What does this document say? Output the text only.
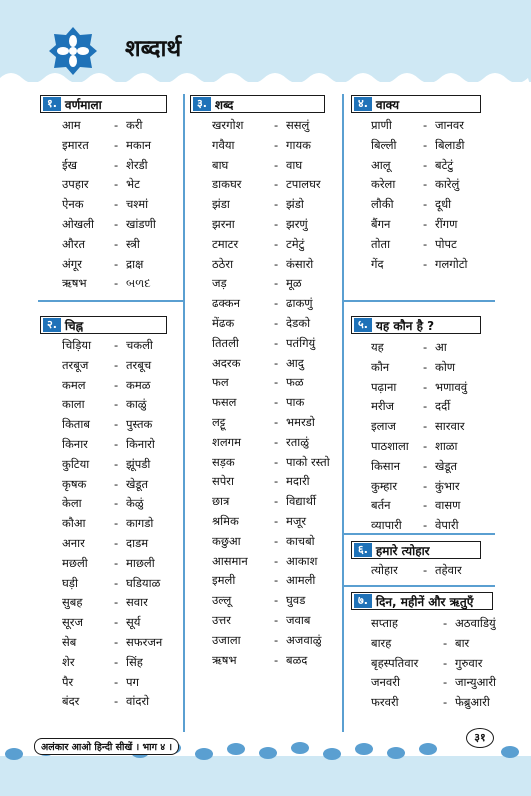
शब्दार्थ
१. वर्णमाला
आम	- करी
इमारत - मकान
ईख	- शेरडी
उपहार - भेट
ऐनक	- चश्मां
ओखली - खांडणी
औरत	- स्त्री
अंगूर	- द्राक्ष
ऋषभ - બળદ
२. चिह्न
चिड़िया - चकली
तरबूज - तरबूच
कमल - कमळ
काला	- काळुं
किताब - पुस्तक
किनार - किनारो
कुटिया - झूंपडी
कृषक - खेडूत
केला	- केळुं
कौआ - कागडो
अनार	- दाडम
मछली - माछली
घड़ी	- घडियाळ
सुबह	- सवार
सूरज	- सूर्य
सेब	- सफरजन
शेर	- सिंह
पैर	- पग
बंदर	- वांदरो
३. शब्द
खरगोश	- ससलुं
गवैया	- गायक
बाघ	- वाघ
डाकघर	- टपालघर
झंडा	- झंडो
झरना	- झरणुं
टमाटर	- टमेटुं
ठठेरा	- कंसारो
जड़	- मूळ
ढक्कन	- ढाकणुं
मेंढक	- देडको
तितली	- पतंगियुं
अदरक	- आदु
फल	- फळ
फसल	- पाक
लट्टू	- भमरडो
शलगम	- रताळुं
सड़क	- पाको रस्तो
सपेरा	- मदारी
छात्र	- विद्यार्थी
श्रमिक	- मजूर
कछुआ	- काचबो
आसमान - आकाश
इमली	- आमली
उल्लू	- घुवड
उत्तर	- जवाब
उजाला	- अजवाळुं
ऋषभ	- बळद
४. वाक्य
प्राणी	- जानवर
बिल्ली - बिलाडी
आलू	- बटेटुं
करेला - कारेलुं
लौकी	- दूधी
बैंगन	- रींगण
तोता	- पोपट
गेंद	- गलगोटो
५. यह कौन है ?
यह	- आ
कौन	- कोण
पढ़ाना - भणाववुं
मरीज	- दर्दी
इलाज - सारवार
पाठशाला - शाळा
किसान - खेडूत
कुम्हार - कुंभार
बर्तन	- वासण
व्यापारी - वेपारी
६. हमारे त्योहार
त्योहार - तहेवार
७. दिन, महीनें और ऋतुएँ
सप्ताह	- अठवाडियुं
बारह	- बार
बृहस्पतिवार - गुरुवार
जनवरी	- जान्युआरी
फरवरी	- फेब्रुआरी
अलंकार आओ हिन्दी सीखें । भाग ४ ।
३१
